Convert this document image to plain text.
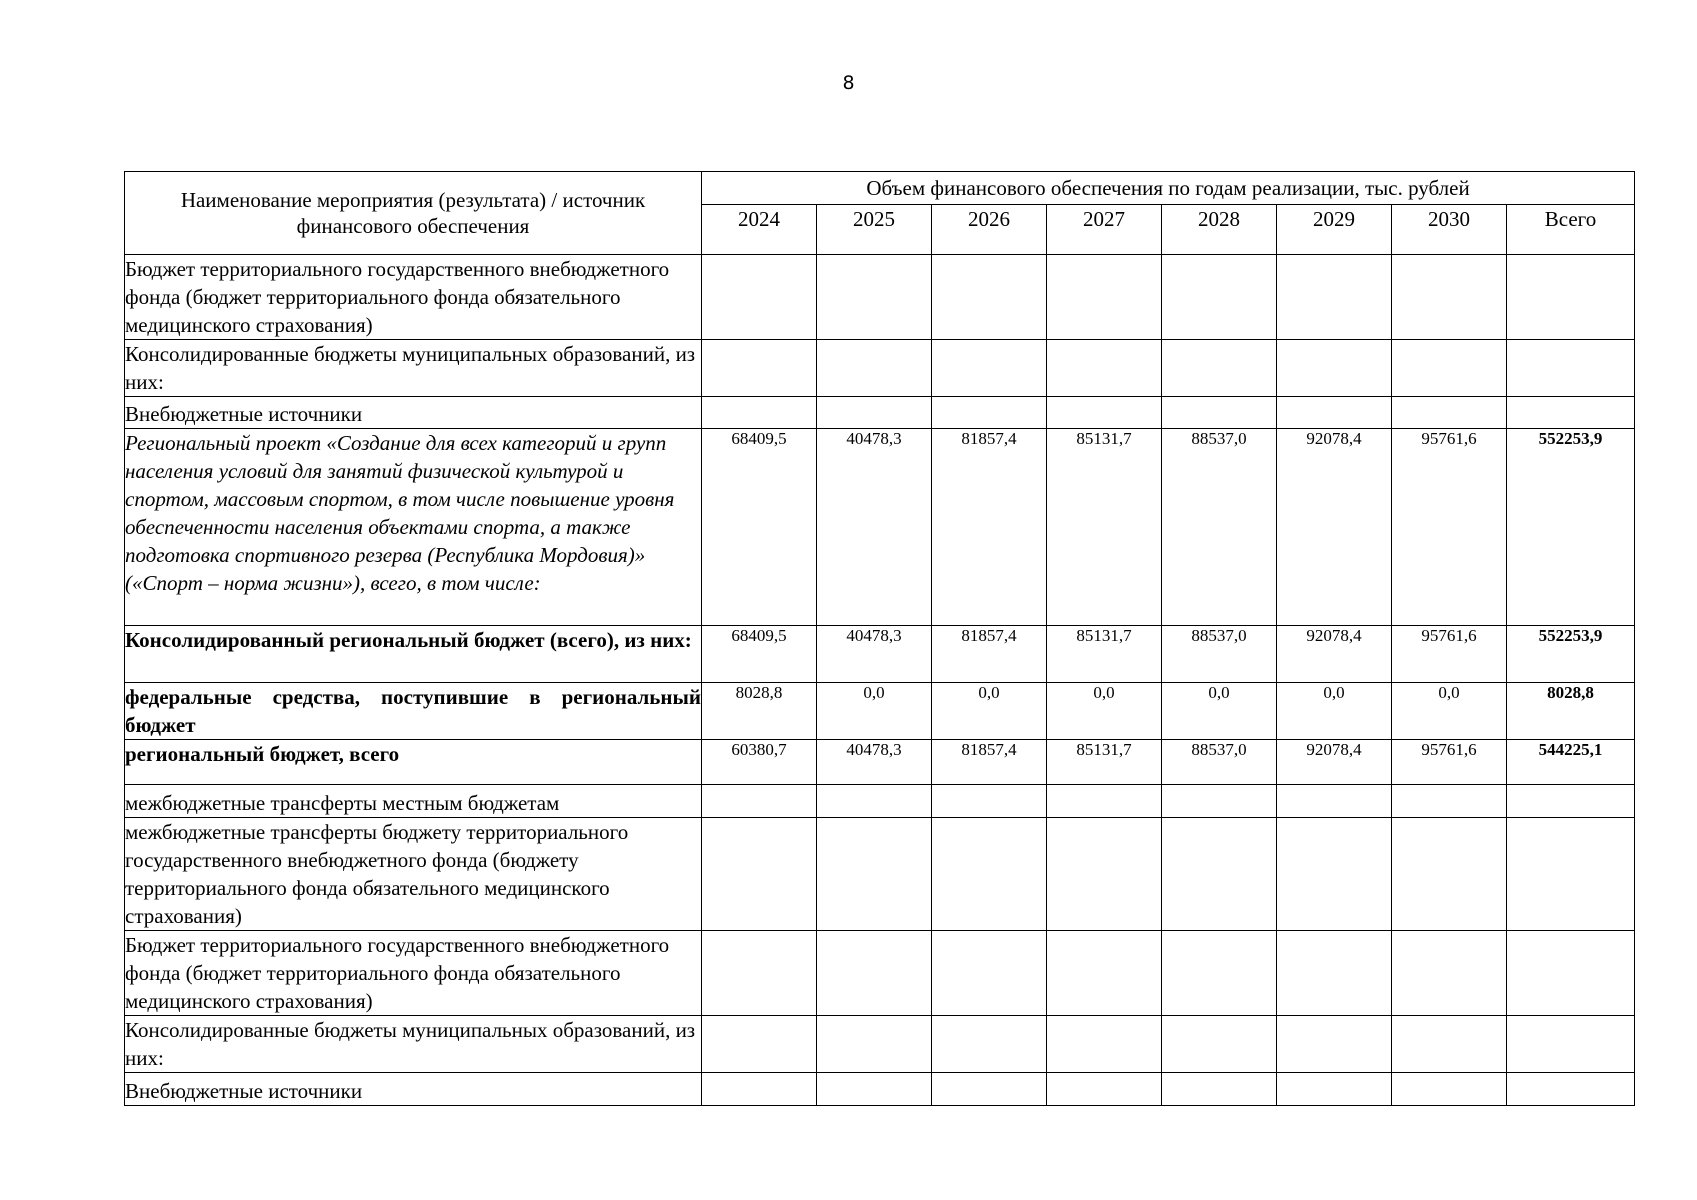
8
Наименование мероприятия (результата) / источник финансового обеспечения	Объем финансового обеспечения по годам реализации, тыс. рублей							
	2024	2025	2026	2027	2028	2029	2030	Всего
Бюджет территориального государственного внебюджетного фонда (бюджет территориального фонда обязательного медицинского страхования)								
Консолидированные бюджеты муниципальных образований, из них:								
Внебюджетные источники								
Региональный проект «Создание для всех категорий и групп населения условий для занятий физической культурой и спортом, массовым спортом, в том числе повышение уровня обеспеченности населения объектами спорта, а также подготовка спортивного резерва (Республика Мордовия)» («Спорт – норма жизни»), всего, в том числе:	68409,5	40478,3	81857,4	85131,7	88537,0	92078,4	95761,6	552253,9
Консолидированный региональный бюджет (всего), из них:	68409,5	40478,3	81857,4	85131,7	88537,0	92078,4	95761,6	552253,9
федеральные средства, поступившие в региональный бюджет	8028,8	0,0	0,0	0,0	0,0	0,0	0,0	8028,8
региональный бюджет, всего	60380,7	40478,3	81857,4	85131,7	88537,0	92078,4	95761,6	544225,1
межбюджетные трансферты местным бюджетам								
межбюджетные трансферты бюджету территориального государственного внебюджетного фонда (бюджету территориального фонда обязательного медицинского страхования)								
Бюджет территориального государственного внебюджетного фонда (бюджет территориального фонда обязательного медицинского страхования)								
Консолидированные бюджеты муниципальных образований, из них:								
Внебюджетные источники								
